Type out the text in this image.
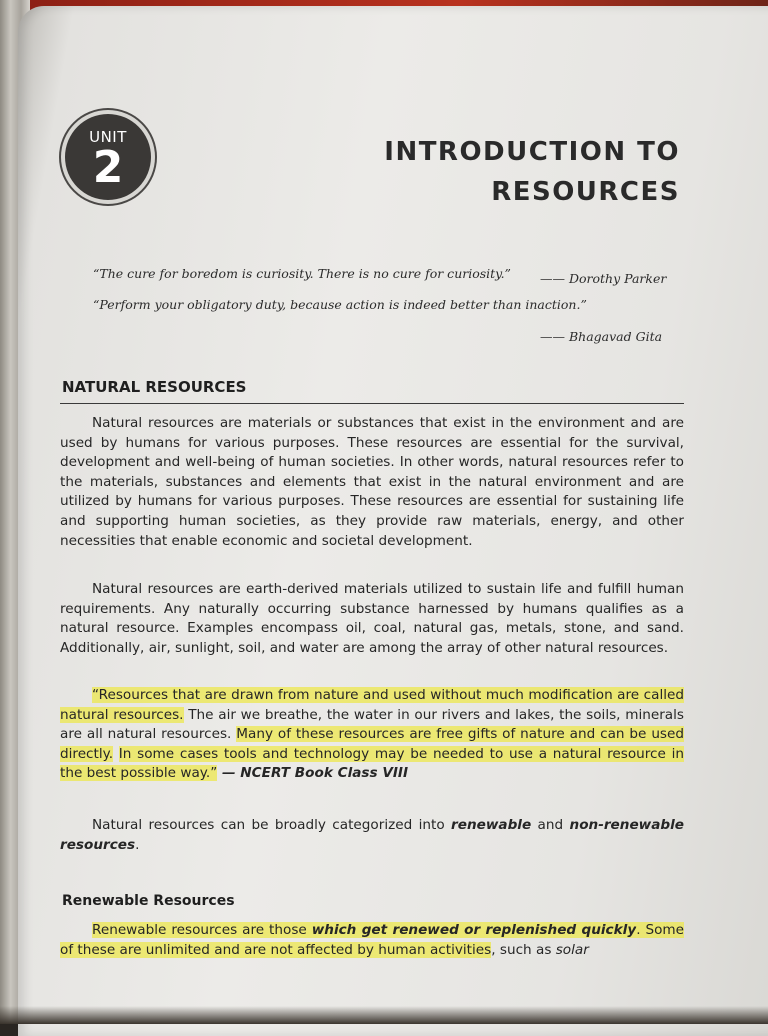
UNIT
2	INTRODUCTION TO
RESOURCES
“The cure for boredom is curiosity. There is no cure for curiosity.” —— Dorothy Parker
“Perform your obligatory duty, because action is indeed better than inaction.”
—— Bhagavad Gita
NATURAL RESOURCES
Natural resources are materials or substances that exist in the environment and are used by humans for various purposes. These resources are essential for the survival, development and well-being of human societies. In other words, natural resources refer to the materials, substances and elements that exist in the natural environment and are utilized by humans for various purposes. These resources are essential for sustaining life and supporting human societies, as they provide raw materials, energy, and other necessities that enable economic and societal development.
Natural resources are earth-derived materials utilized to sustain life and fulfill human requirements. Any naturally occurring substance harnessed by humans qualifies as a natural resource. Examples encompass oil, coal, natural gas, metals, stone, and sand. Additionally, air, sunlight, soil, and water are among the array of other natural resources.
“Resources that are drawn from nature and used without much modification are called natural resources. The air we breathe, the water in our rivers and lakes, the soils, minerals are all natural resources. Many of these resources are free gifts of nature and can be used directly. In some cases tools and technology may be needed to use a natural resource in the best possible way.” — NCERT Book Class VIII
Natural resources can be broadly categorized into renewable and non-renewable resources.
Renewable Resources
Renewable resources are those which get renewed or replenished quickly. Some of these are unlimited and are not affected by human activities, such as solar
